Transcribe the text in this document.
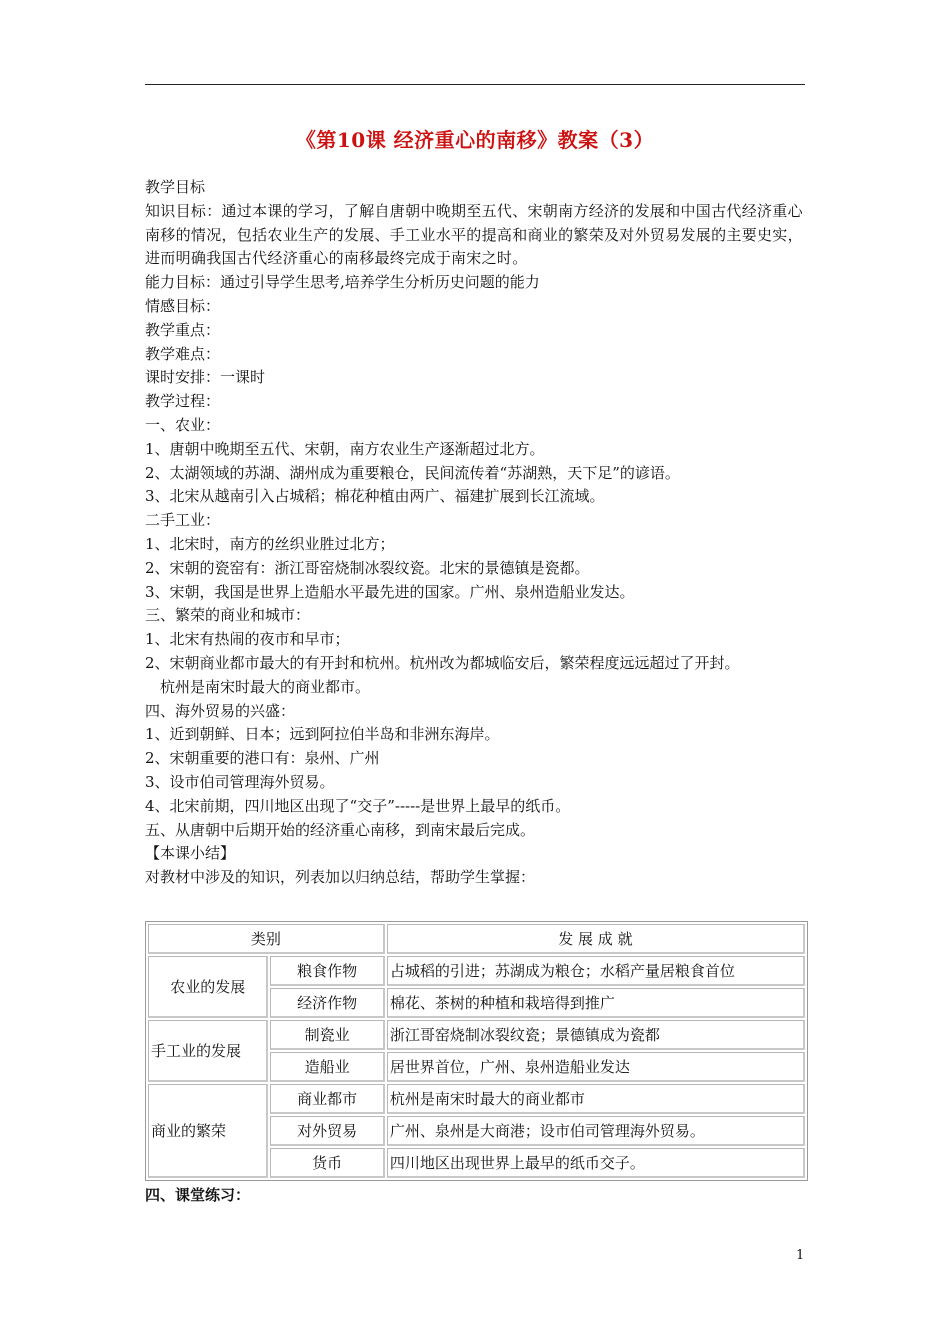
《第10课 经济重心的南移》教案（3）

教学目标

知识目标：通过本课的学习，了解自唐朝中晚期至五代、宋朝南方经济的发展和中国古代经济重心南移的情况，包括农业生产的发展、手工业水平的提高和商业的繁荣及对外贸易发展的主要史实，进而明确我国古代经济重心的南移最终完成于南宋之时。

能力目标：通过引导学生思考,培养学生分析历史问题的能力

情感目标：

教学重点：

教学难点：

课时安排：一课时

教学过程：

一、农业：

1、唐朝中晚期至五代、宋朝，南方农业生产逐渐超过北方。

2、太湖领域的苏湖、湖州成为重要粮仓，民间流传着“苏湖熟，天下足”的谚语。

3、北宋从越南引入占城稻；棉花种植由两广、福建扩展到长江流域。

二手工业：

1、北宋时，南方的丝织业胜过北方；

2、宋朝的瓷窑有：浙江哥窑烧制冰裂纹瓷。北宋的景德镇是瓷都。

3、宋朝，我国是世界上造船水平最先进的国家。广州、泉州造船业发达。

三、繁荣的商业和城市：

1、北宋有热闹的夜市和早市；

2、宋朝商业都市最大的有开封和杭州。杭州改为都城临安后，繁荣程度远远超过了开封。

杭州是南宋时最大的商业都市。

四、海外贸易的兴盛：

1、近到朝鲜、日本；远到阿拉伯半岛和非洲东海岸。

2、宋朝重要的港口有：泉州、广州

3、设市伯司管理海外贸易。

4、北宋前期，四川地区出现了“交子”-----是世界上最早的纸币。

五、从唐朝中后期开始的经济重心南移，到南宋最后完成。

【本课小结】

对教材中涉及的知识，列表加以归纳总结，帮助学生掌握：

类别		发 展 成 就
农业的发展	粮食作物	占城稻的引进；苏湖成为粮仓；水稻产量居粮食首位
	经济作物	棉花、茶树的种植和栽培得到推广
手工业的发展	制瓷业	浙江哥窑烧制冰裂纹瓷；景德镇成为瓷都
	造船业	居世界首位，广州、泉州造船业发达
商业的繁荣	商业都市	杭州是南宋时最大的商业都市
	对外贸易	广州、泉州是大商港；设市伯司管理海外贸易。
	货币	四川地区出现世界上最早的纸币交子。

四、课堂练习：

1
